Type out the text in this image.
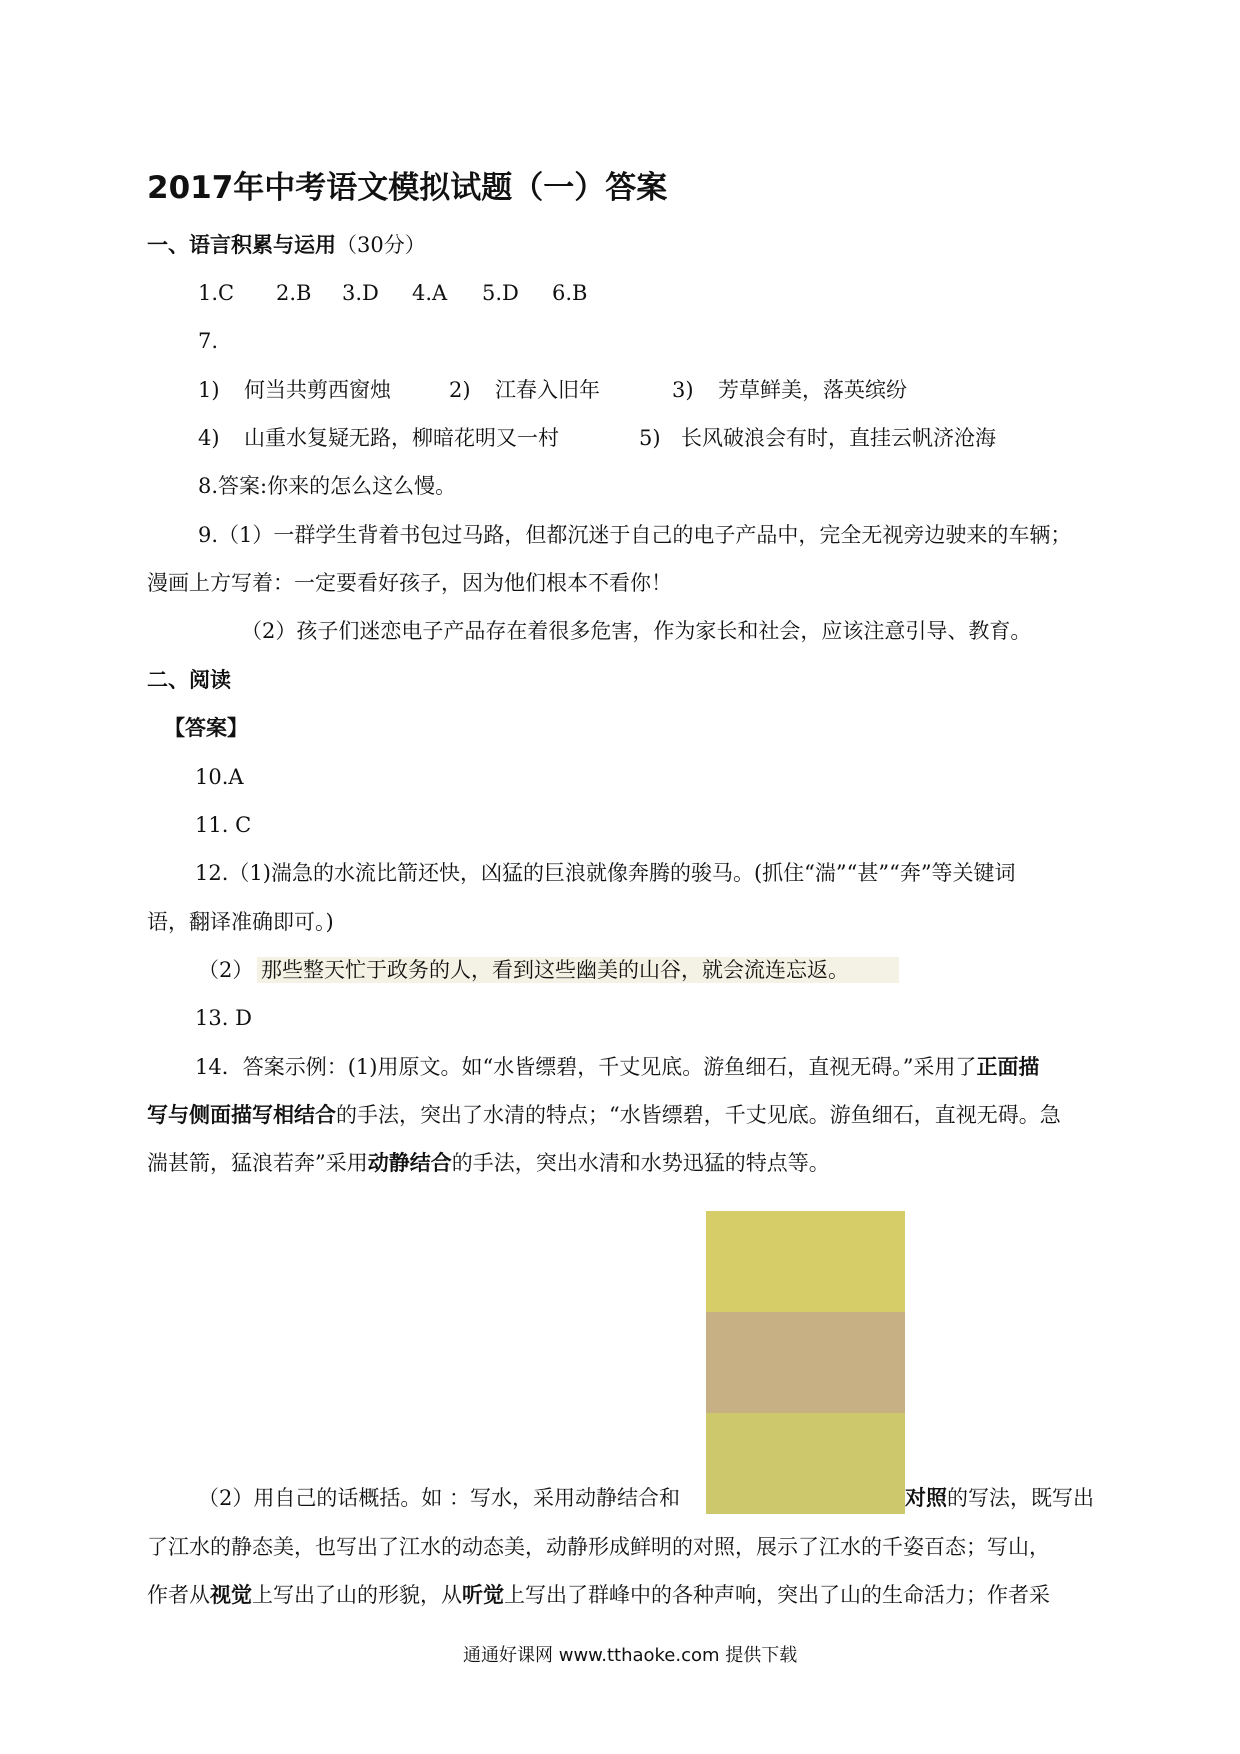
2017年中考语文模拟试题（一）答案
一、语言积累与运用（30分）
1.C 2.B 3.D 4.A 5.D 6.B
7.
1) 何当共剪西窗烛	2) 江春入旧年	3) 芳草鲜美，落英缤纷
4) 山重水复疑无路，柳暗花明又一村	5) 长风破浪会有时，直挂云帆济沧海
8.答案:你来的怎么这么慢。
9.（1）一群学生背着书包过马路，但都沉迷于自己的电子产品中，完全无视旁边驶来的车辆；
漫画上方写着：一定要看好孩子，因为他们根本不看你！
（2）孩子们迷恋电子产品存在着很多危害，作为家长和社会，应该注意引导、教育。
二、阅读
【答案】
10.A
11. C
12.（1)湍急的水流比箭还快，凶猛的巨浪就像奔腾的骏马。(抓住“湍”“甚”“奔”等关键词
语，翻译准确即可。)
（2） 那些整天忙于政务的人，看到这些幽美的山谷，就会流连忘返。
13. D
14．答案示例：(1)用原文。如“水皆缥碧，千丈见底。游鱼细石，直视无碍。”采用了正面描
写与侧面描写相结合的手法，突出了水清的特点；“水皆缥碧，千丈见底。游鱼细石，直视无碍。急
湍甚箭，猛浪若奔”采用动静结合的手法，突出水清和水势迅猛的特点等。
（2）用自己的话概括。如 ：写水，采用动静结合和	对照的写法，既写出
了江水的静态美，也写出了江水的动态美，动静形成鲜明的对照，展示了江水的千姿百态；写山，
作者从视觉上写出了山的形貌，从听觉上写出了群峰中的各种声响，突出了山的生命活力；作者采
通通好课网 www.tthaoke.com 提供下载
